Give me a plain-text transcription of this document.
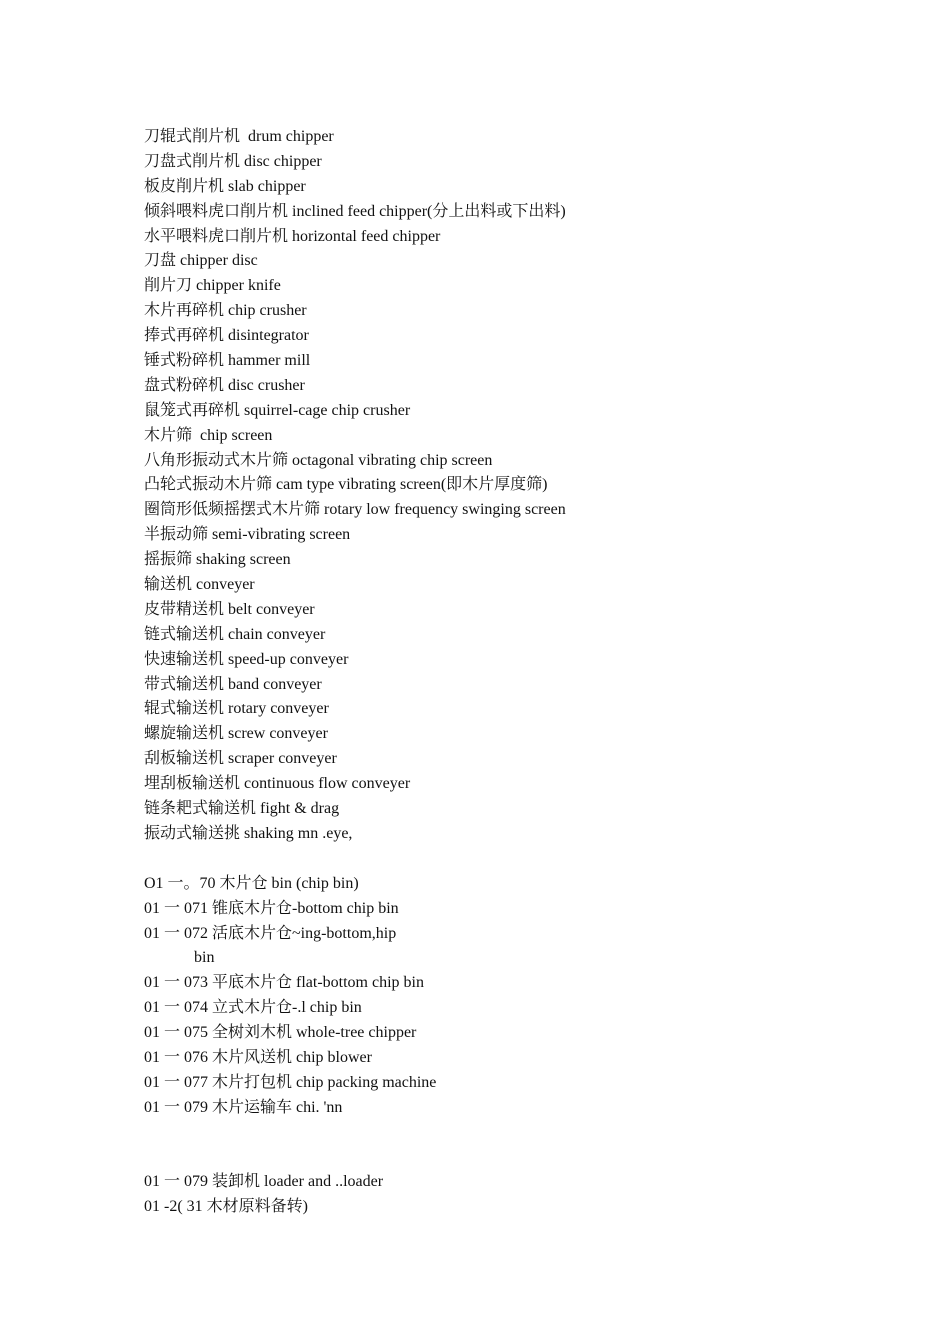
刀辊式削片机  drum chipper
刀盘式削片机 disc chipper
板皮削片机 slab chipper
倾斜喂料虎口削片机 inclined feed chipper(分上出料或下出料)
水平喂料虎口削片机 horizontal feed chipper
刀盘 chipper disc
削片刀 chipper knife
木片再碎机 chip crusher
捧式再碎机 disintegrator
锤式粉碎机 hammer mill
盘式粉碎机 disc crusher
鼠笼式再碎机 squirrel-cage chip crusher
木片筛  chip screen
八角形振动式木片筛 octagonal vibrating chip screen
凸轮式振动木片筛 cam type vibrating screen(即木片厚度筛)
圈筒形低频摇摆式木片筛 rotary low frequency swinging screen
半振动筛 semi-vibrating screen
摇振筛 shaking screen
输送机 conveyer
皮带精送机 belt conveyer
链式输送机 chain conveyer
快速输送机 speed-up conveyer
带式输送机 band conveyer
辊式输送机 rotary conveyer
螺旋输送机 screw conveyer
刮板输送机 scraper conveyer
埋刮板输送机 continuous flow conveyer
链条耙式输送机 fight & drag
振动式输送挑 shaking mn .eye,
O1 一。70 木片仓 bin (chip bin)
01 一 071 锥底木片仓-bottom chip bin
01 一 072 活底木片仓~ing-bottom,hip
bin
01 一 073 平底木片仓 flat-bottom chip bin
01 一 074 立式木片仓-.l chip bin
01 一 075 全树刘木机 whole-tree chipper
01 一 076 木片风送机 chip blower
01 一 077 木片打包机 chip packing machine
01 一 079 木片运输车 chi. 'nn
01 一 079 装卸机 loader and ..loader
01 -2( 31 木材原料备转)
